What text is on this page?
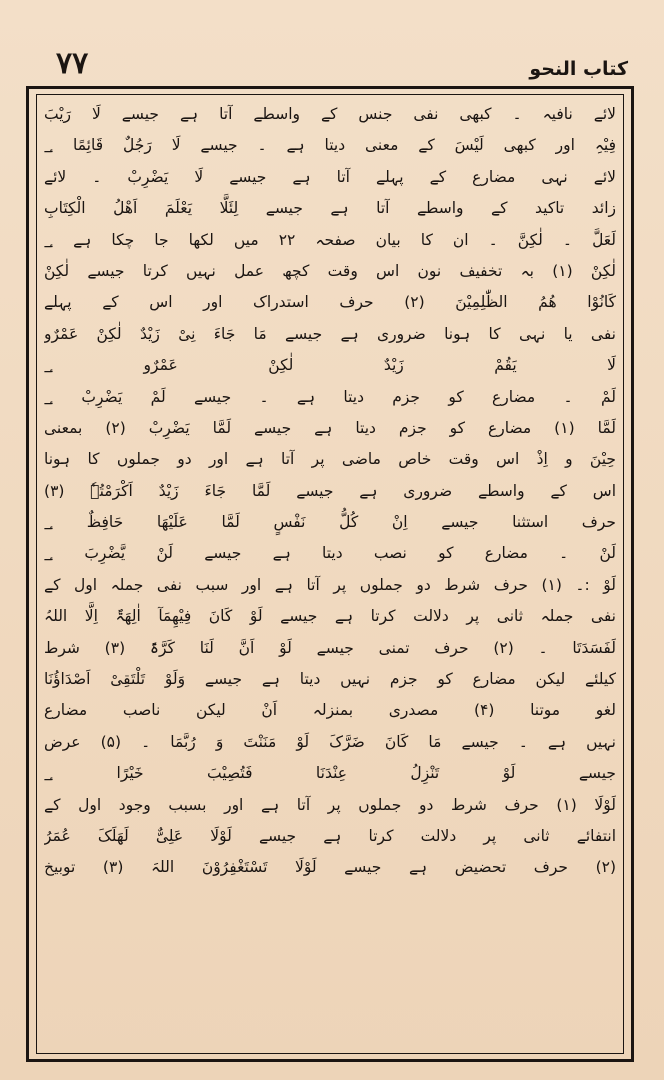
۷۷	کتاب النحو
لائے نافیہ ۔ کبھی نفی جنس کے واسطے آتا ہے جیسے لَا رَیْبَ
فِیْہِ اور کبھی لَیْسَ کے معنی دیتا ہے ۔ جیسے لَا رَجُلٌ قَائِمًا ؀
لائے نہی مضارع کے پہلے آتا ہے جیسے لَا یَضْرِبْ ۔ لائے
زائد تاکید کے واسطے آتا ہے جیسے لِئَلَّا یَعْلَمَ اَھْلُ الْکِتَابِ
لَعَلَّ ۔ لٰکِنَّ ۔ ان کا بیان صفحہ ۲۲ میں لکھا جا چکا ہے ؀
لٰکِنْ (۱) بہ تخفیف نون اس وقت کچھ عمل نہیں کرتا جیسے لٰکِنْ
کَانُوْا ھُمُ الظّٰلِمِیْنَ (۲) حرف استدراک اور اس کے پہلے
نفی یا نہی کا ہونا ضروری ہے جیسے مَا جَاءَ نِیْ زَیْدٌ لٰکِنْ عَمْرٌو
لَا یَقُمْ زَیْدٌ لٰکِنْ عَمْرٌو ؀
لَمْ ۔ مضارع کو جزم دیتا ہے ۔ جیسے لَمْ یَضْرِبْ ؀
لَمَّا (۱) مضارع کو جزم دیتا ہے جیسے لَمَّا یَضْرِبْ (۲) بمعنی
حِیْنَ و اِذْ اس وقت خاص ماضی پر آتا ہے اور دو جملوں کا ہونا
اس کے واسطے ضروری ہے جیسے لَمَّا جَاءَ زَیْدٌ اَکْرَمْتُہٗ (۳)
حرف استثنا جیسے اِنْ کُلُّ نَفْسٍ لَمَّا عَلَیْھَا حَافِظٌ ؀
لَنْ ۔ مضارع کو نصب دیتا ہے جیسے لَنْ یَّضْرِبَ ؀
لَوْ :۔ (۱) حرف شرط دو جملوں پر آتا ہے اور سبب نفی جملہ اول کے
نفی جملہ ثانی پر دلالت کرتا ہے جیسے لَوْ کَانَ فِیْھِمَآ اٰلِھَۃٌ اِلَّا اللہُ
لَفَسَدَتَا ۔ (۲) حرف تمنی جیسے لَوْ اَنَّ لَنَا کَرَّۃً (۳) شرط
کیلئے لیکن مضارع کو جزم نہیں دیتا ہے جیسے وَلَوْ تَلْتَقِیْ اَصْدَاؤُنَا
لغو موتنا (۴) مصدری بمنزلہ اَنْ لیکن ناصب مضارع
نہیں ہے ۔ جیسے مَا کَانَ ضَرَّکَ لَوْ مَنَنْتَ وَ رُبَّمَا ۔ (۵) عرض
جیسے لَوْ تَنْزِلُ عِنْدَنَا فَتُصِیْبَ خَیْرًا ؀
لَوْلَا (۱) حرف شرط دو جملوں پر آتا ہے اور بسبب وجود اول کے
انتفائے ثانی پر دلالت کرتا ہے جیسے لَوْلَا عَلِیٌّ لَھَلَکَ عُمَرُ
(۲) حرف تحضیض ہے جیسے لَوْلَا تَسْتَغْفِرُوْنَ اللہَ (۳) توبیخ
